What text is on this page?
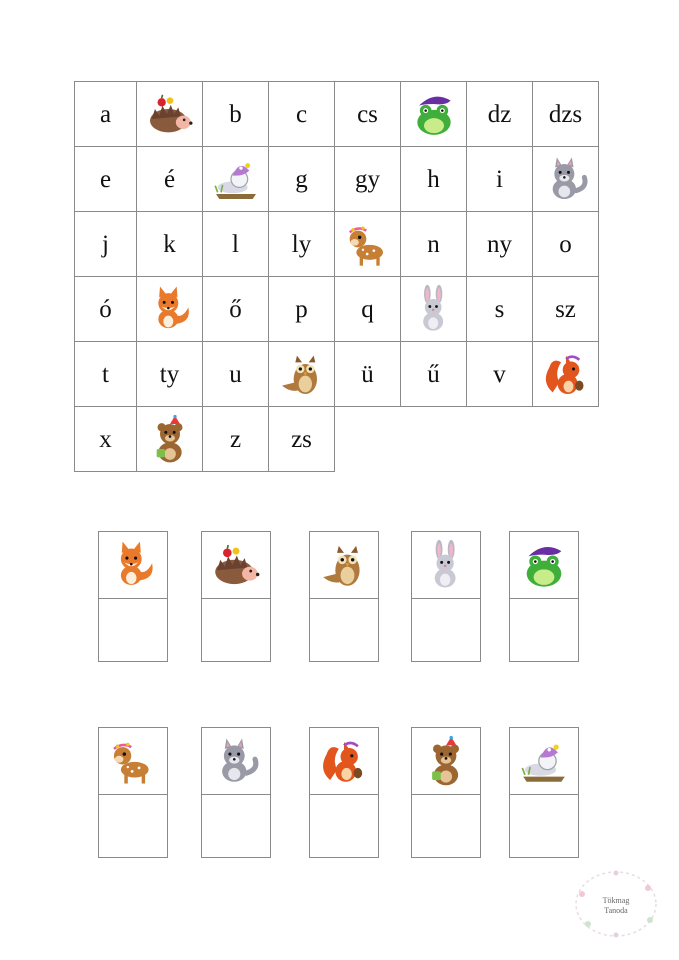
a		b	c	cs		dz	dzs
e	é		g	gy	h	i	

j	k	l	ly		n	ny	o
ó		ő	p	q		s	sz
t	ty	u		ü	ű	v	

x		z	zs				
Tökmag
Tanoda
